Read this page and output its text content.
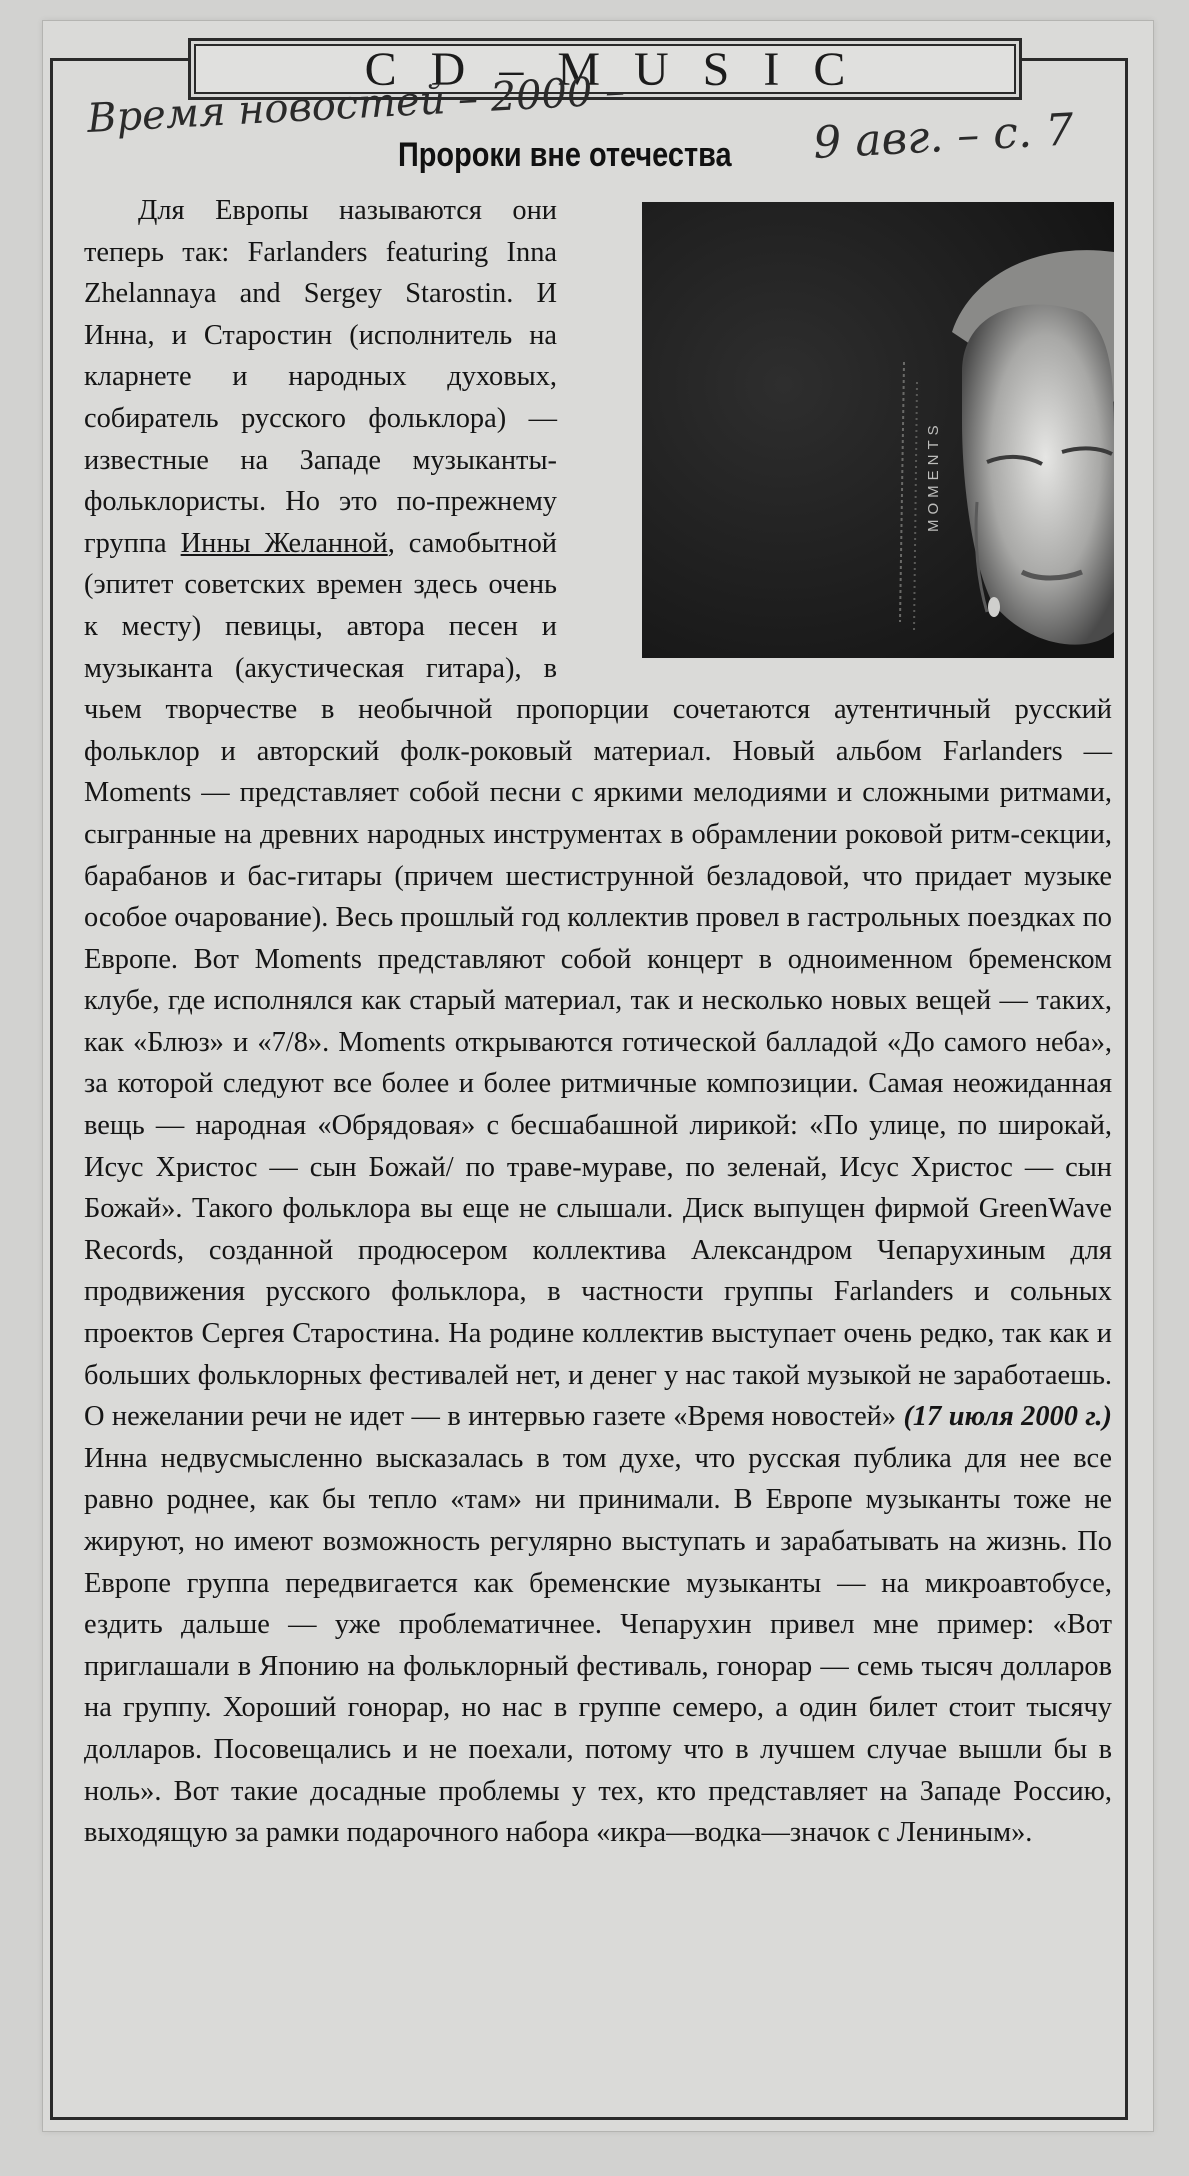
CD–MUSIC
Время новостей – 2000 –	9 авг. – с. 7
Пророки вне отечества
MOMENTS

Для Европы называются они теперь так: Farlanders featuring Inna Zhelannaya and Sergey Starostin. И Инна, и Старостин (исполнитель на кларнете и народных духовых, собиратель русского фольклора) — известные на Западе музыканты-фольклористы. Но это по-прежнему группа Инны Желанной, самобытной (эпитет советских времен здесь очень к месту) певицы, автора песен и музыканта (акустическая гитара), в чьем творчестве в необычной пропорции сочетаются аутентичный русский фольклор и авторский фолк-роковый материал. Новый альбом Farlanders — Moments — представляет собой песни с яркими мелодиями и сложными ритмами, сыгранные на древних народных инструментах в обрамлении роковой ритм-секции, барабанов и бас-гитары (причем шестиструнной безладовой, что придает музыке особое очарование). Весь прошлый год коллектив провел в гастрольных поездках по Европе. Вот Moments представляют собой концерт в одноименном бременском клубе, где исполнялся как старый материал, так и несколько новых вещей — таких, как «Блюз» и «7/8». Moments открываются готической балладой «До самого неба», за которой следуют все более и более ритмичные композиции. Самая неожиданная вещь — народная «Обрядовая» с бесшабашной лирикой: «По улице, по широкай, Исус Христос — сын Божай/ по траве-мураве, по зеленай, Исус Христос — сын Божай». Такого фольклора вы еще не слышали. Диск выпущен фирмой GreenWave Records, созданной продюсером коллектива Александром Чепарухиным для продвижения русского фольклора, в частности группы Farlanders и сольных проектов Сергея Старостина. На родине коллектив выступает очень редко, так как и больших фольклорных фестивалей нет, и денег у нас такой музыкой не заработаешь. О нежелании речи не идет — в интервью газете «Время новостей» (17 июля 2000 г.) Инна недвусмысленно высказалась в том духе, что русская публика для нее все равно роднее, как бы тепло «там» ни принимали. В Европе музыканты тоже не жируют, но имеют возможность регулярно выступать и зарабатывать на жизнь. По Европе группа передвигается как бременские музыканты — на микроавтобусе, ездить дальше — уже проблематичнее. Чепарухин привел мне пример: «Вот приглашали в Японию на фольклорный фестиваль, гонорар — семь тысяч долларов на группу. Хороший гонорар, но нас в группе семеро, а один билет стоит тысячу долларов. Посовещались и не поехали, потому что в лучшем случае вышли бы в ноль». Вот такие досадные проблемы у тех, кто представляет на Западе Россию, выходящую за рамки подарочного набора «икра—водка—значок с Лениным».
